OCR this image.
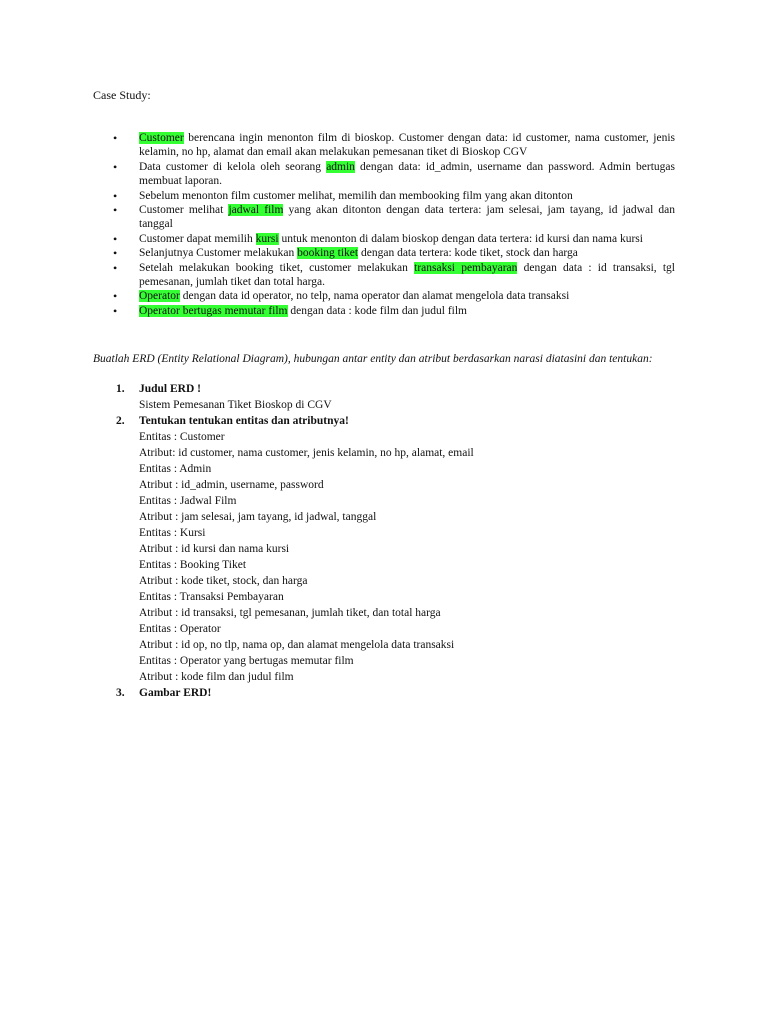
Case Study:
• Customer berencana ingin menonton film di bioskop. Customer dengan data: id customer, nama customer, jenis kelamin, no hp, alamat dan email akan melakukan pemesanan tiket di Bioskop CGV
• Data customer di kelola oleh seorang admin dengan data: id_admin, username dan password. Admin bertugas membuat laporan.
• Sebelum menonton film customer melihat, memilih dan membooking film yang akan ditonton
• Customer melihat jadwal film yang akan ditonton dengan data tertera: jam selesai, jam tayang, id jadwal dan tanggal
• Customer dapat memilih kursi untuk menonton di dalam bioskop dengan data tertera: id kursi dan nama kursi
• Selanjutnya Customer melakukan booking tiket dengan data tertera: kode tiket, stock dan harga
• Setelah melakukan booking tiket, customer melakukan transaksi pembayaran dengan data : id transaksi, tgl pemesanan, jumlah tiket dan total harga.
• Operator dengan data id operator, no telp, nama operator dan alamat mengelola data transaksi
• Operator bertugas memutar film dengan data : kode film dan judul film
Buatlah ERD (Entity Relational Diagram), hubungan antar entity dan atribut berdasarkan narasi diatasini dan tentukan:
1. Judul ERD !
Sistem Pemesanan Tiket Bioskop di CGV
2. Tentukan tentukan entitas dan atributnya!
Entitas : Customer
Atribut: id customer, nama customer, jenis kelamin, no hp, alamat, email
Entitas : Admin
Atribut : id_admin, username, password
Entitas : Jadwal Film
Atribut : jam selesai, jam tayang, id jadwal, tanggal
Entitas : Kursi
Atribut : id kursi dan nama kursi
Entitas : Booking Tiket
Atribut : kode tiket, stock, dan harga
Entitas : Transaksi Pembayaran
Atribut : id transaksi, tgl pemesanan, jumlah tiket, dan total harga
Entitas : Operator
Atribut : id op, no tlp, nama op, dan alamat mengelola data transaksi
Entitas : Operator yang bertugas memutar film
Atribut : kode film dan judul film
3. Gambar ERD!
